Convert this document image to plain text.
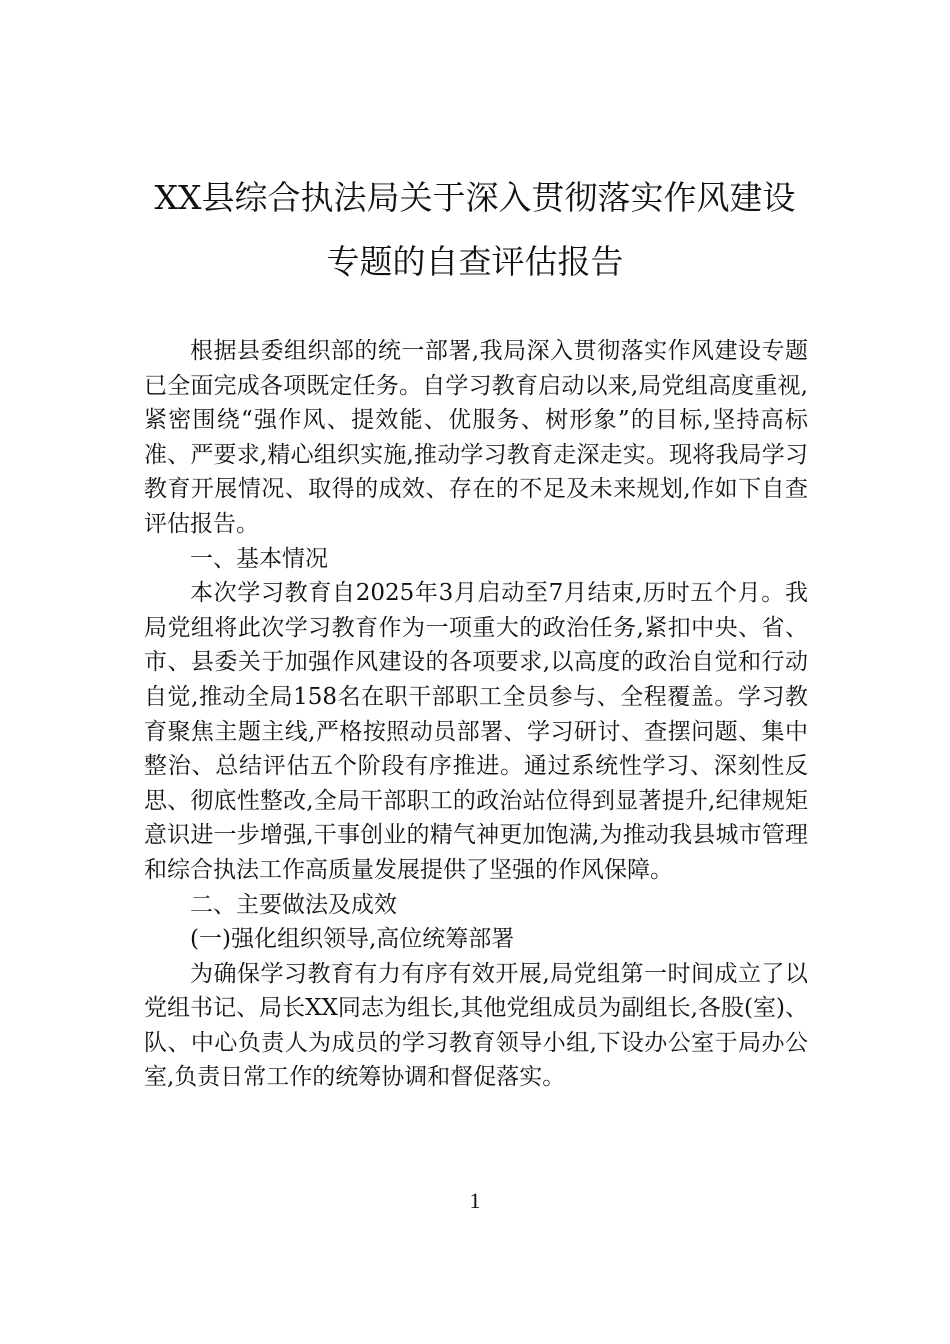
XX县综合执法局关于深入贯彻落实作风建设专题的自查评估报告

根据县委组织部的统一部署,我局深入贯彻落实作风建设专题已全面完成各项既定任务。自学习教育启动以来,局党组高度重视,紧密围绕“强作风、提效能、优服务、树形象”的目标,坚持高标准、严要求,精心组织实施,推动学习教育走深走实。现将我局学习教育开展情况、取得的成效、存在的不足及未来规划,作如下自查评估报告。

一、基本情况

本次学习教育自2025年3月启动至7月结束,历时五个月。我局党组将此次学习教育作为一项重大的政治任务,紧扣中央、省、市、县委关于加强作风建设的各项要求,以高度的政治自觉和行动自觉,推动全局158名在职干部职工全员参与、全程覆盖。学习教育聚焦主题主线,严格按照动员部署、学习研讨、查摆问题、集中整治、总结评估五个阶段有序推进。通过系统性学习、深刻性反思、彻底性整改,全局干部职工的政治站位得到显著提升,纪律规矩意识进一步增强,干事创业的精气神更加饱满,为推动我县城市管理和综合执法工作高质量发展提供了坚强的作风保障。

二、主要做法及成效

(一)强化组织领导,高位统筹部署

为确保学习教育有力有序有效开展,局党组第一时间成立了以党组书记、局长XX同志为组长,其他党组成员为副组长,各股(室)、队、中心负责人为成员的学习教育领导小组,下设办公室于局办公室,负责日常工作的统筹协调和督促落实。

1
